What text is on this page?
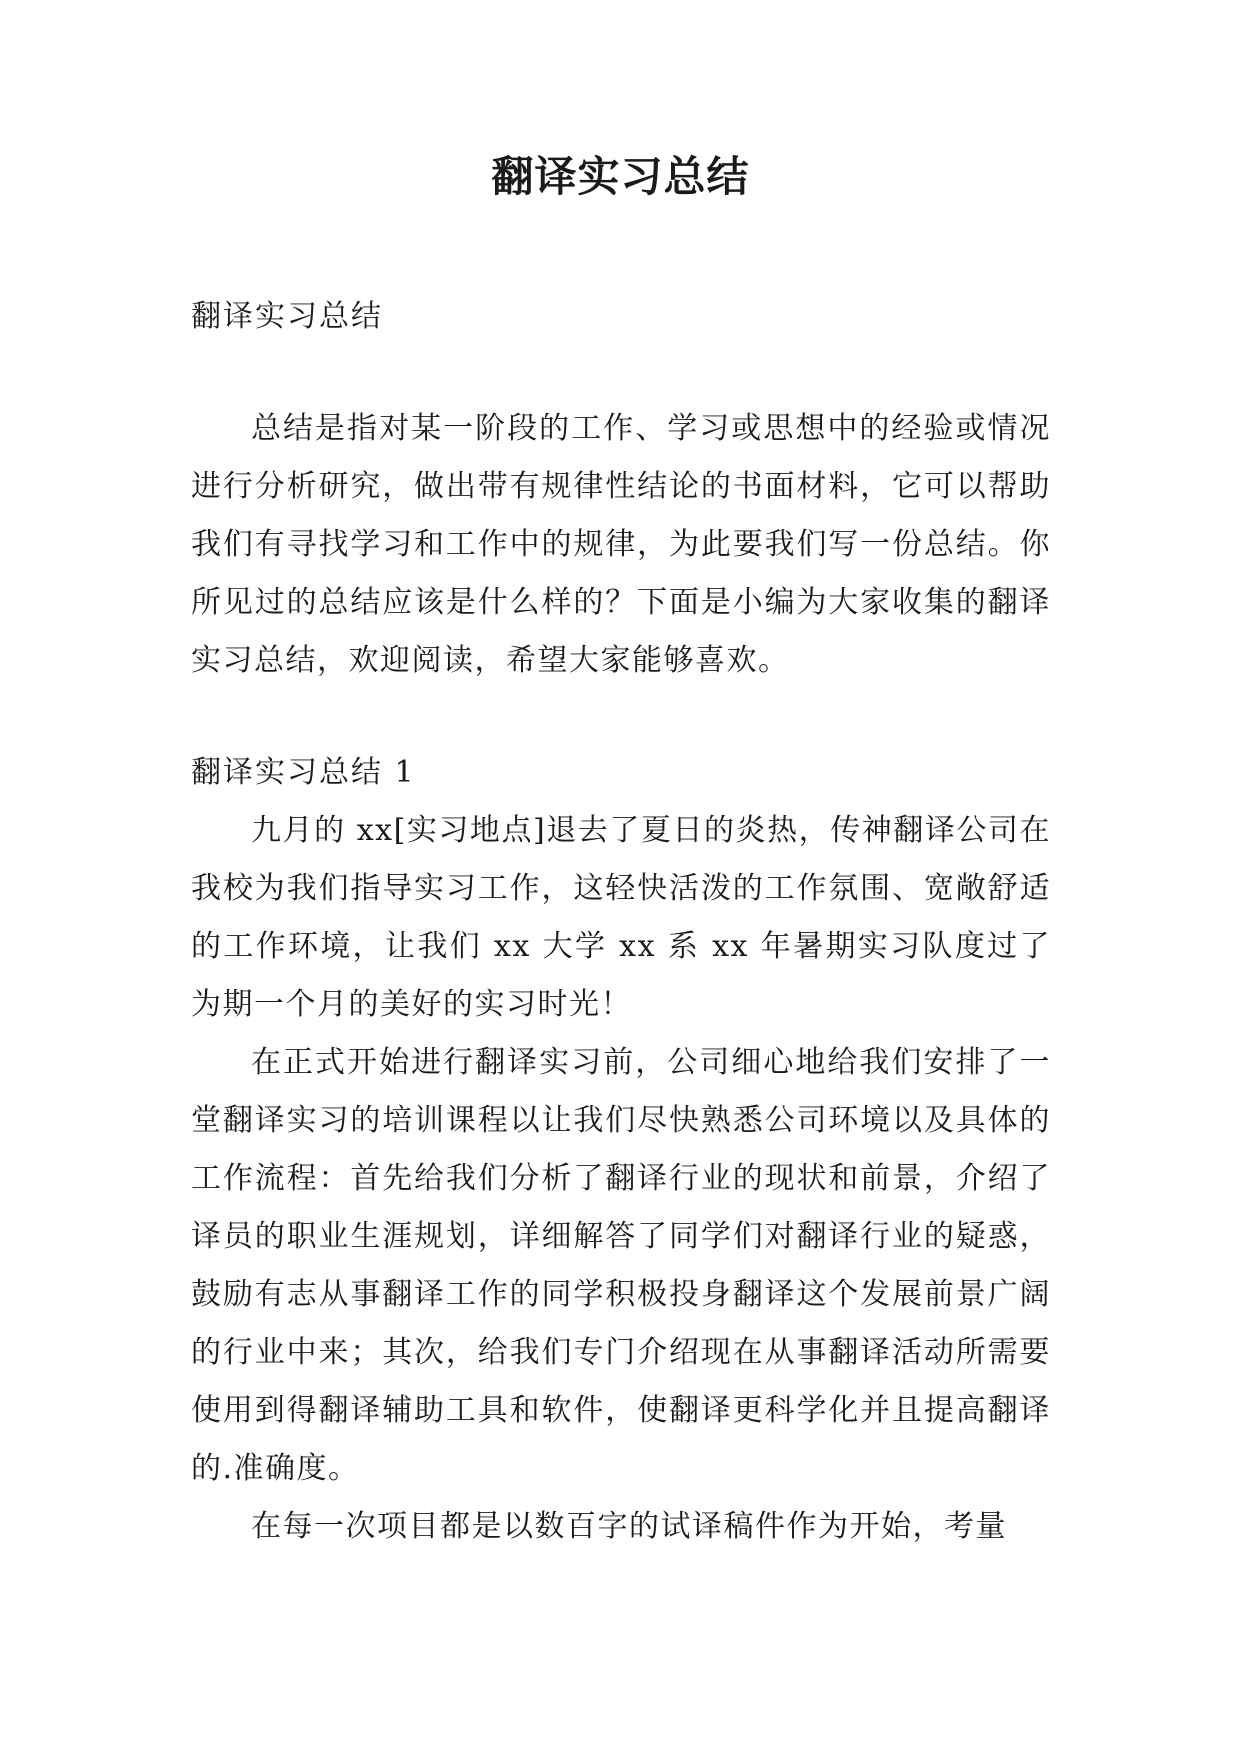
翻译实习总结

翻译实习总结

总结是指对某一阶段的工作、学习或思想中的经验或情况进行分析研究，做出带有规律性结论的书面材料，它可以帮助我们有寻找学习和工作中的规律，为此要我们写一份总结。你所见过的总结应该是什么样的？下面是小编为大家收集的翻译实习总结，欢迎阅读，希望大家能够喜欢。

翻译实习总结 1

九月的 xx[实习地点]退去了夏日的炎热，传神翻译公司在我校为我们指导实习工作，这轻快活泼的工作氛围、宽敞舒适的工作环境，让我们 xx 大学 xx 系 xx 年暑期实习队度过了为期一个月的美好的实习时光！

在正式开始进行翻译实习前，公司细心地给我们安排了一堂翻译实习的培训课程以让我们尽快熟悉公司环境以及具体的工作流程：首先给我们分析了翻译行业的现状和前景，介绍了译员的职业生涯规划，详细解答了同学们对翻译行业的疑惑，鼓励有志从事翻译工作的同学积极投身翻译这个发展前景广阔的行业中来；其次，给我们专门介绍现在从事翻译活动所需要使用到得翻译辅助工具和软件，使翻译更科学化并且提高翻译的.准确度。

在每一次项目都是以数百字的试译稿件作为开始，考量
